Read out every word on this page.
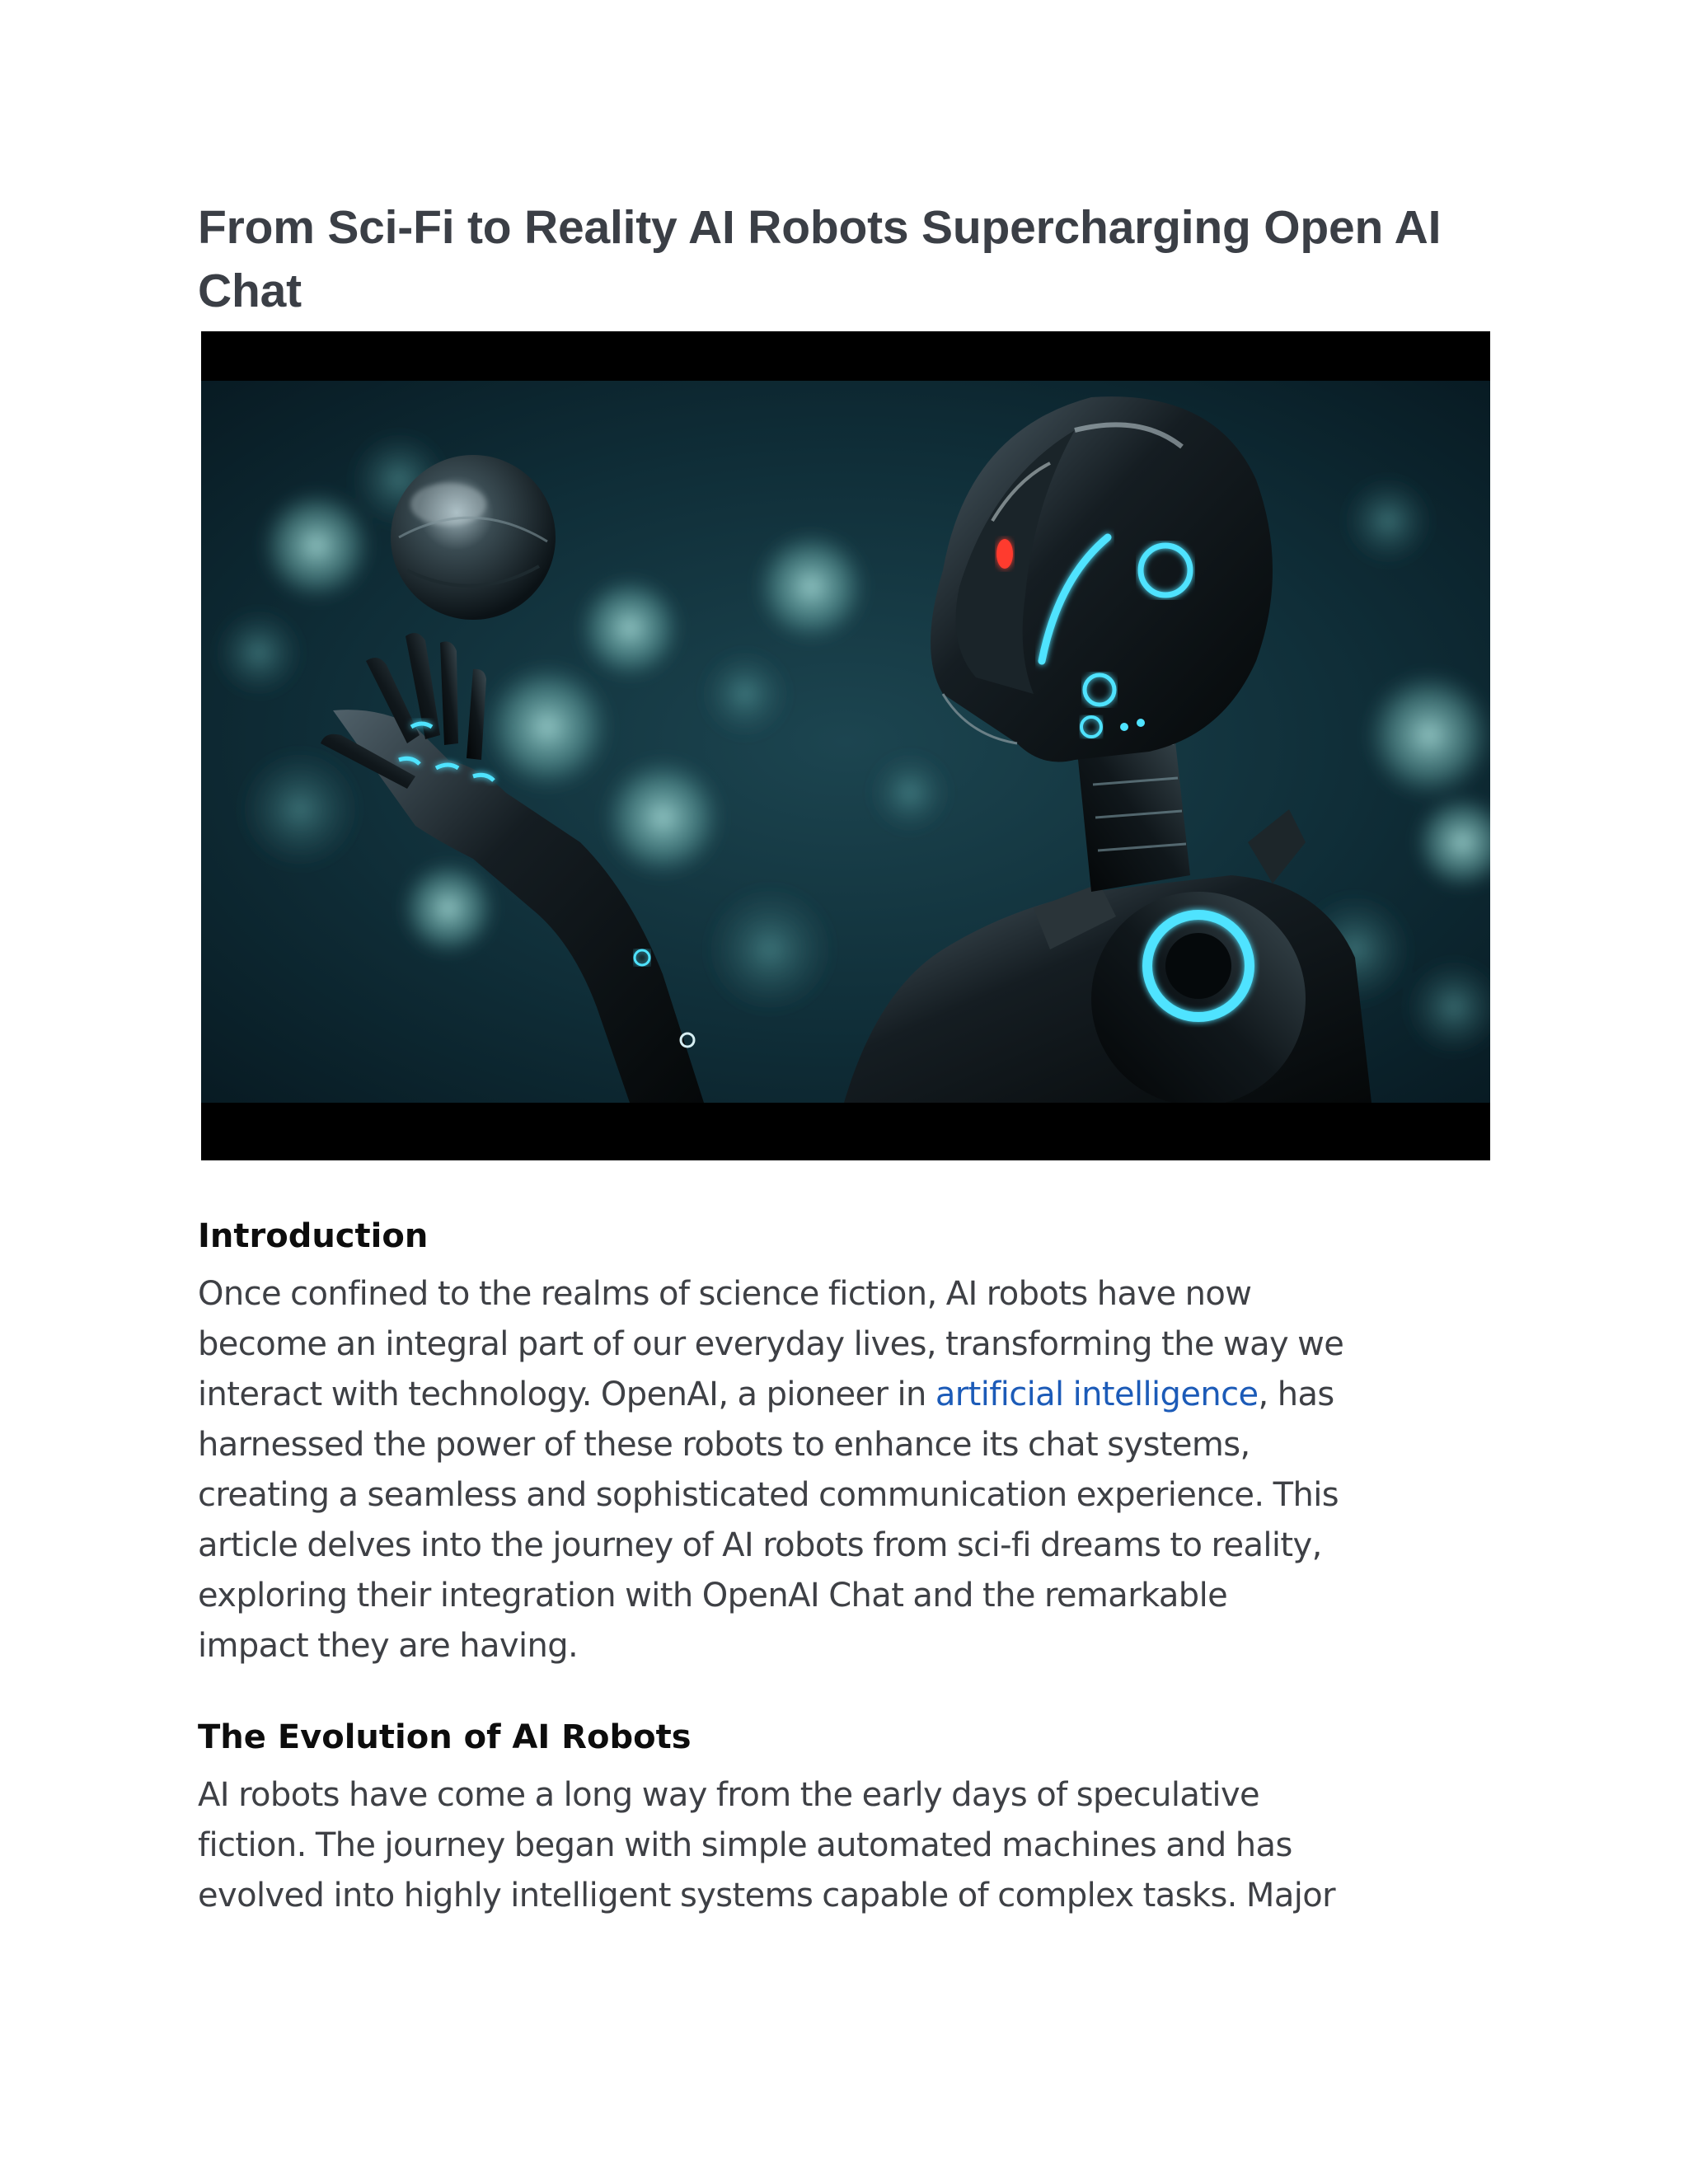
From Sci-Fi to Reality AI Robots Supercharging Open AI
Chat
Introduction

Once confined to the realms of science fiction, AI robots have now
become an integral part of our everyday lives, transforming the way we
interact with technology. OpenAI, a pioneer in artificial intelligence, has
harnessed the power of these robots to enhance its chat systems,
creating a seamless and sophisticated communication experience. This
article delves into the journey of AI robots from sci-fi dreams to reality,
exploring their integration with OpenAI Chat and the remarkable
impact they are having.

The Evolution of AI Robots

AI robots have come a long way from the early days of speculative
fiction. The journey began with simple automated machines and has
evolved into highly intelligent systems capable of complex tasks. Major
